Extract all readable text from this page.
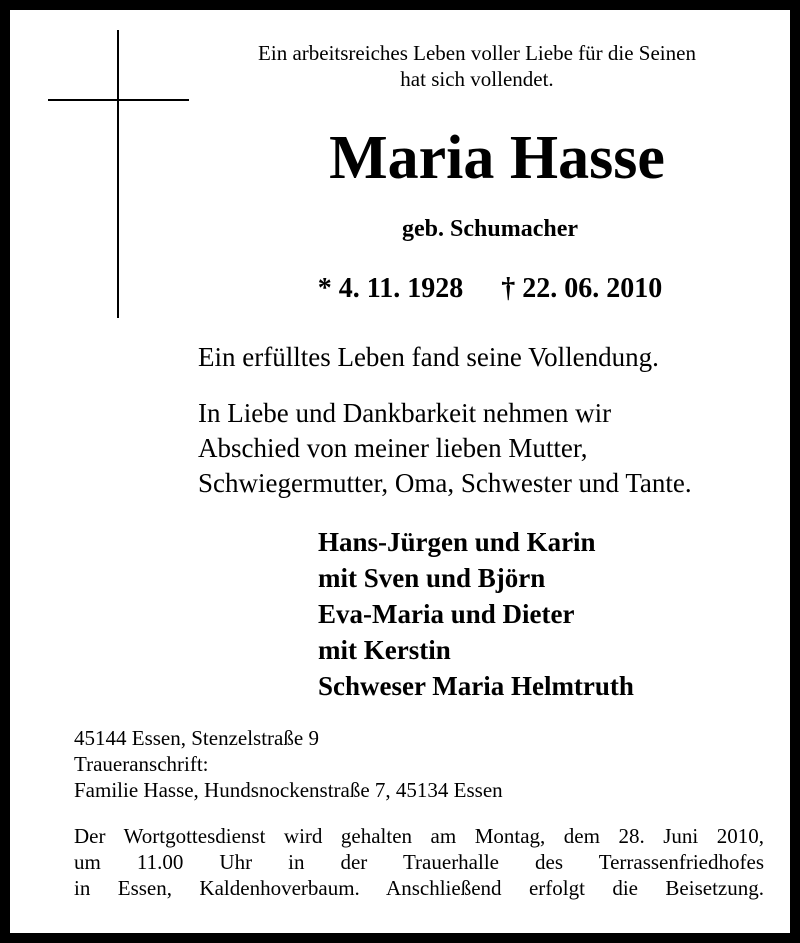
Ein arbeitsreiches Leben voller Liebe für die Seinen
hat sich vollendet.
Maria Hasse
geb. Schumacher
* 4. 11. 1928 † 22. 06. 2010
Ein erfülltes Leben fand seine Vollendung.
In Liebe und Dankbarkeit nehmen wir
Abschied von meiner lieben Mutter,
Schwiegermutter, Oma, Schwester und Tante.
Hans-Jürgen und Karin
mit Sven und Björn
Eva-Maria und Dieter
mit Kerstin
Schweser Maria Helmtruth
45144 Essen, Stenzelstraße 9
Traueranschrift:
Familie Hasse, Hundsnockenstraße 7, 45134 Essen
Der Wortgottesdienst wird gehalten am Montag, dem 28. Juni 2010,
um 11.00 Uhr in der Trauerhalle des Terrassenfriedhofes
in Essen, Kaldenhoverbaum. Anschließend erfolgt die Beisetzung.
